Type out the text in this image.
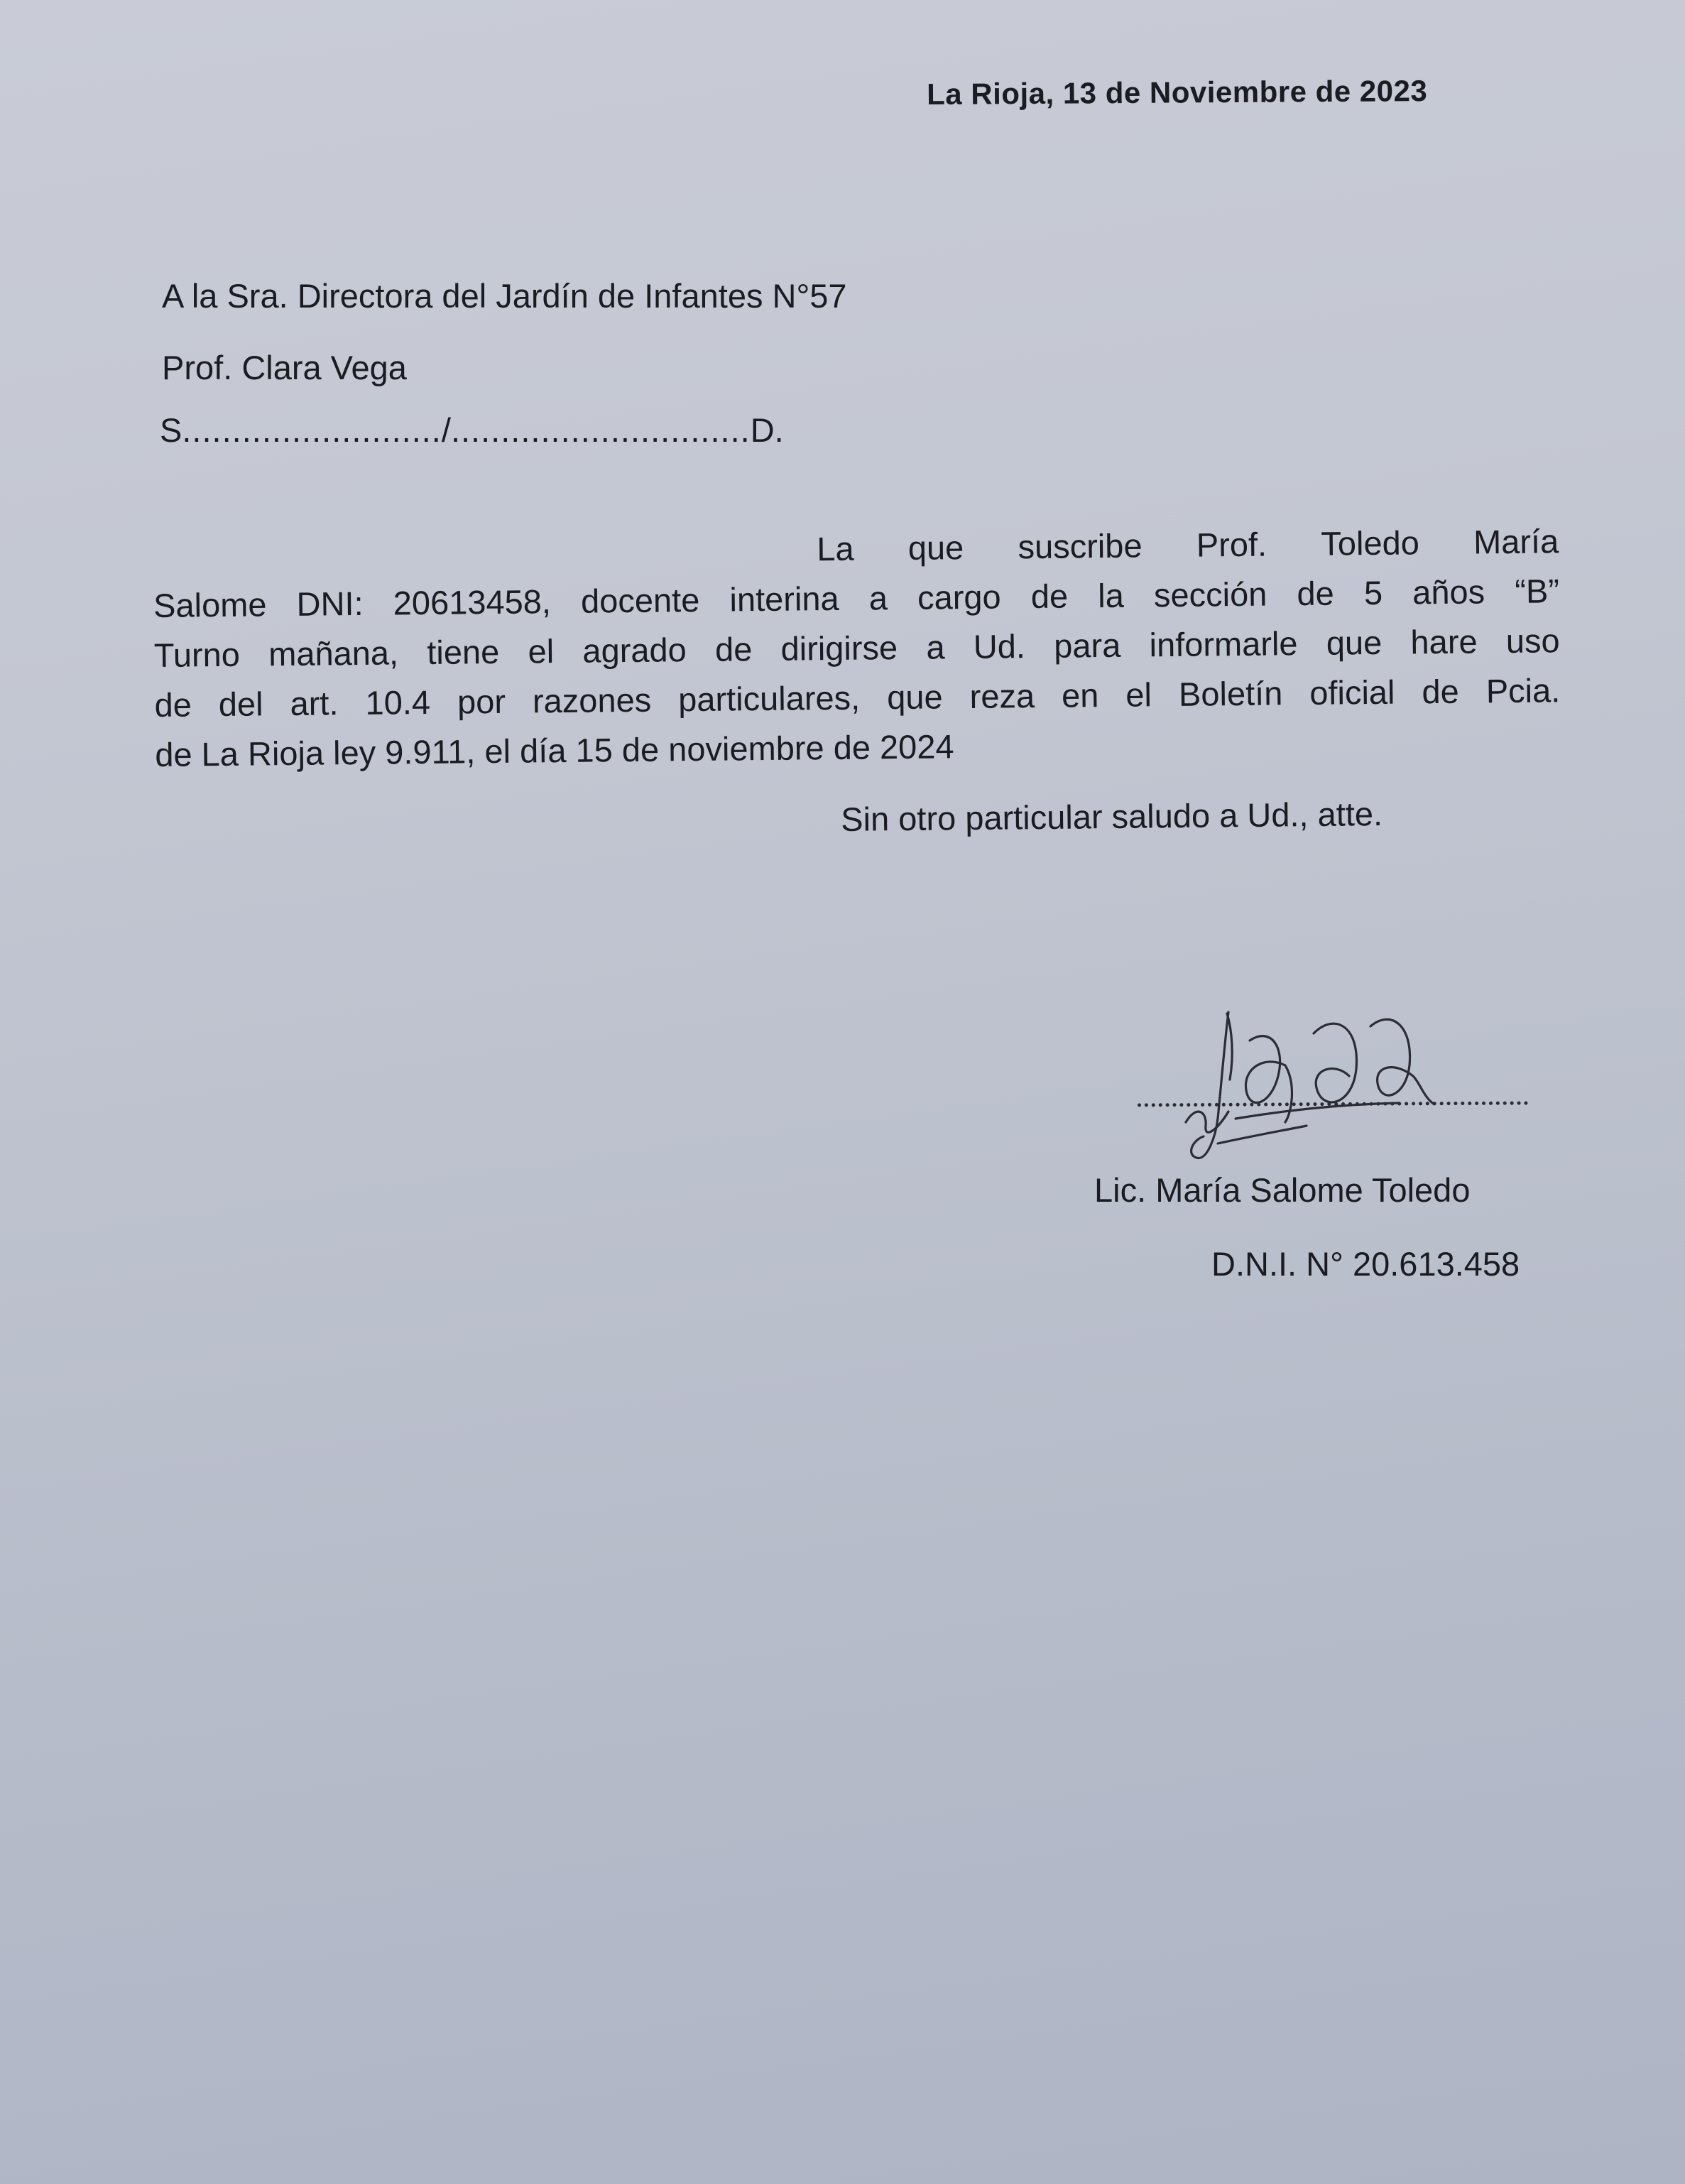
La Rioja, 13 de Noviembre de 2023
A la Sra. Directora del Jardín de Infantes N°57
Prof. Clara Vega
S........................../..............................D.
La que suscribe Prof. Toledo María
Salome DNI: 20613458, docente interina a cargo de la sección de 5 años “B”
Turno mañana, tiene el agrado de dirigirse a Ud. para informarle que hare uso
de del art. 10.4 por razones particulares, que reza en el Boletín oficial de Pcia.
de La Rioja ley 9.911, el día 15 de noviembre de 2024
Sin otro particular saludo a Ud., atte.
Lic. María Salome Toledo
D.N.I. N° 20.613.458
